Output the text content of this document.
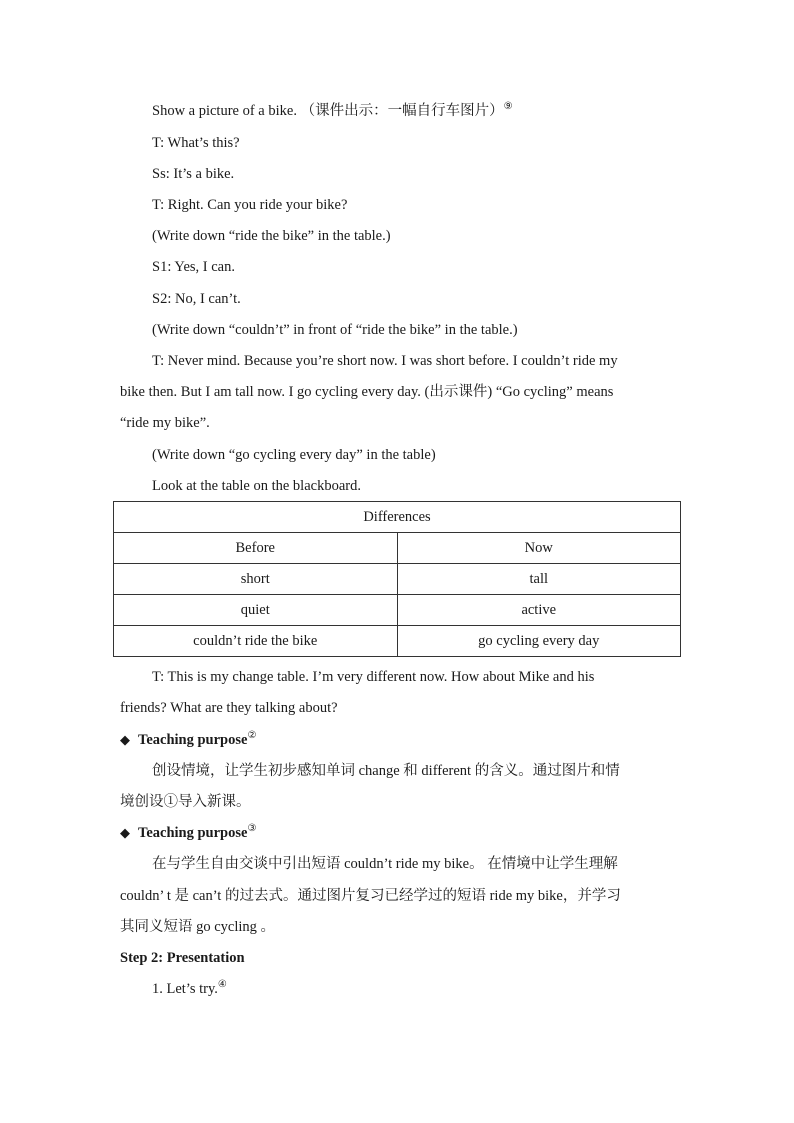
Show a picture of a bike. （课件出示：一幅自行车图片）⑨
T: What’s this?
Ss: It’s a bike.
T: Right. Can you ride your bike?
(Write down “ride the bike” in the table.)
S1: Yes, I can.
S2: No, I can’t.
(Write down “couldn’t” in front of “ride the bike” in the table.)
T: Never mind. Because you’re short now. I was short before. I couldn’t ride my
bike then. But I am tall now. I go cycling every day. (出示课件) “Go cycling” means
“ride my bike”.
(Write down “go cycling every day” in the table)
Look at the table on the blackboard.
Differences	
Before	Now
short	tall
quiet	active
couldn’t ride the bike	go cycling every day
T: This is my change table. I’m very different now. How about Mike and his
friends? What are they talking about?
◆ Teaching purpose②
创设情境，让学生初步感知单词 change 和 different 的含义。通过图片和情
境创设①导入新课。
◆ Teaching purpose③
在与学生自由交谈中引出短语 couldn’t ride my bike。 在情境中让学生理解
couldn’ t 是 can’t 的过去式。通过图片复习已经学过的短语 ride my bike，并学习
其同义短语 go cycling 。
Step 2: Presentation
1. Let’s try.④
